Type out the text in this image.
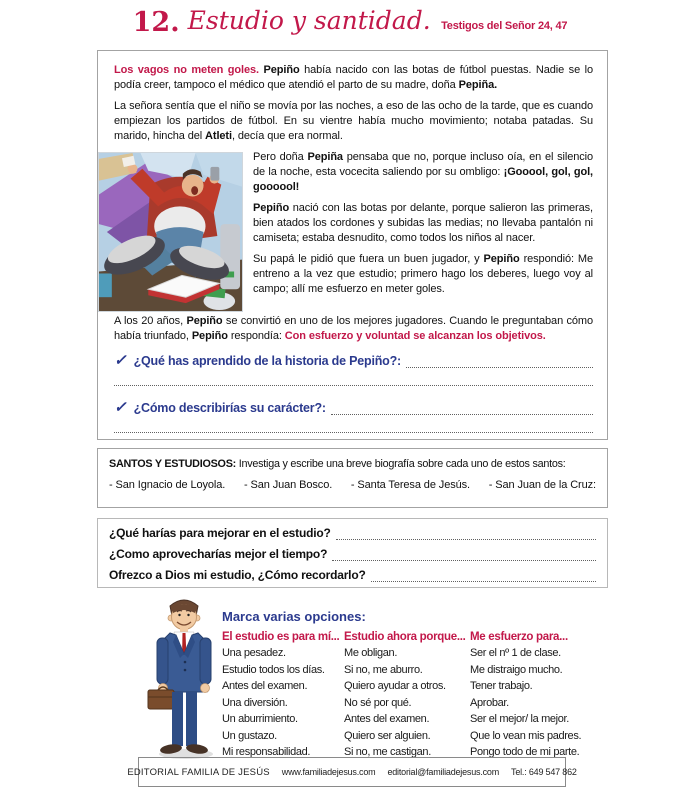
12. Estudio y santidad. Testigos del Señor 24, 47

Los vagos no meten goles. Pepiño había nacido con las botas de fútbol puestas. Nadie se lo podía creer, tampoco el médico que atendió el parto de su madre, doña Pepiña.

La señora sentía que el niño se movía por las noches, a eso de las ocho de la tarde, que es cuando empiezan los partidos de fútbol. En su vientre había mucho movimiento; notaba patadas. Su marido, hincha del Atleti, decía que era normal.

Pero doña Pepiña pensaba que no, porque incluso oía, en el silencio de la noche, esta vocecita saliendo por su ombligo: ¡Gooool, gol, gol, goooool!

Pepiño nació con las botas por delante, porque salieron las primeras, bien atados los cordones y subidas las medias; no llevaba pantalón ni camiseta; estaba desnudito, como todos los niños al nacer.

Su papá le pidió que fuera un buen jugador, y Pepiño respondió: Me entreno a la vez que estudio; primero hago los deberes, luego voy al campo; allí me esfuerzo en meter goles.

A los 20 años, Pepiño se convirtió en uno de los mejores jugadores. Cuando le preguntaban cómo había triunfado, Pepiño respondía: Con esfuerzo y voluntad se alcanzan los objetivos.

✓ ¿Qué has aprendido de la historia de Pepiño?:
✓ ¿Cómo describirías su carácter?:
SANTOS Y ESTUDIOSOS: Investiga y escribe una breve biografía sobre cada uno de estos santos:
- San Ignacio de Loyola. - San Juan Bosco. - Santa Teresa de Jesús. - San Juan de la Cruz:
¿Qué harías para mejorar en el estudio?
¿Como aprovecharías mejor el tiempo?
Ofrezco a Dios mi estudio, ¿Cómo recordarlo?
Marca varias opciones:
El estudio es para mí...
Una pesadez.
Estudio todos los días.
Antes del examen.
Una diversión.
Un aburrimiento.
Un gustazo.
Mi responsabilidad.
Estudio ahora porque...
Me obligan.
Si no, me aburro.
Quiero ayudar a otros.
No sé por qué.
Antes del examen.
Quiero ser alguien.
Si no, me castigan.
Me esfuerzo para...
Ser el nº 1 de clase.
Me distraigo mucho.
Tener trabajo.
Aprobar.
Ser el mejor/ la mejor.
Que lo vean mis padres.
Pongo todo de mi parte.
EDITORIAL FAMILIA DE JESÚS www.familiadejesus.com editorial@familiadejesus.com Tel.: 649 547 862
